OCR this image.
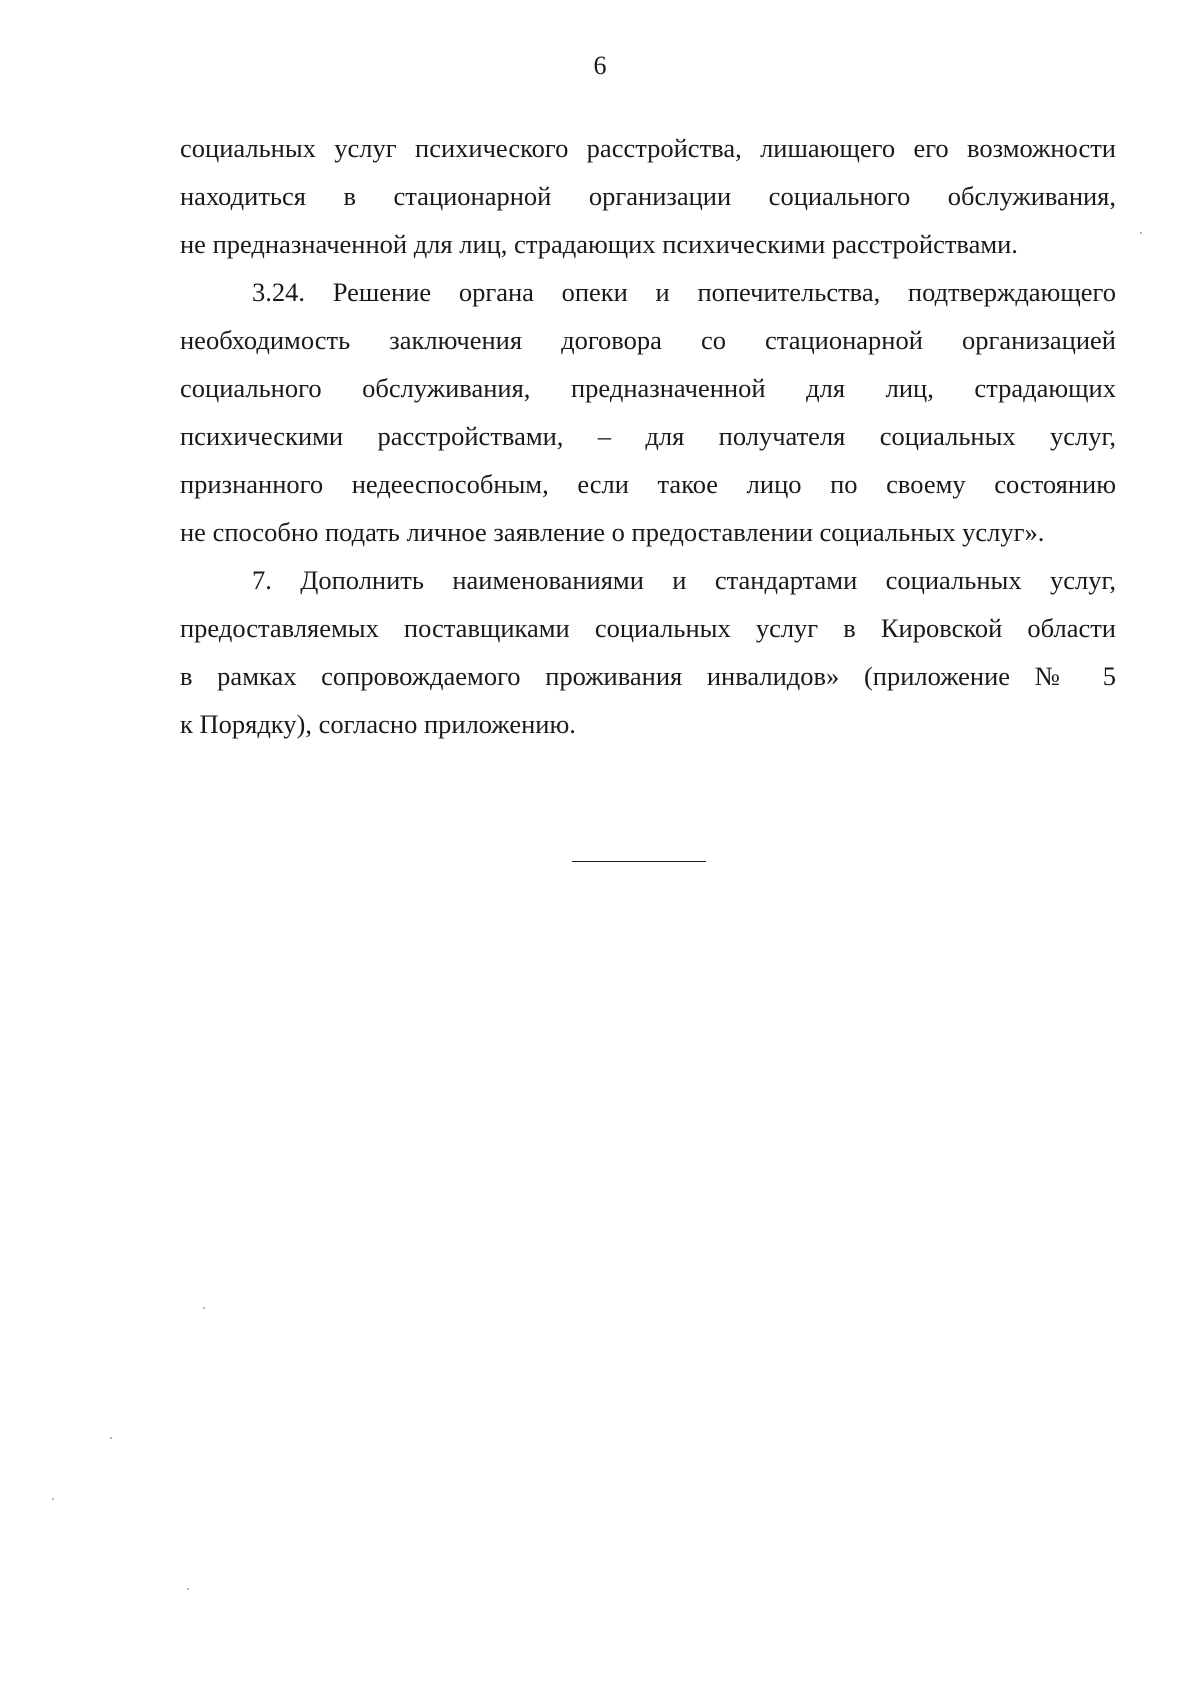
6
социальных услуг психического расстройства, лишающего его возможности
находиться в стационарной организации социального обслуживания,
не предназначенной для лиц, страдающих психическими расстройствами.
3.24. Решение органа опеки и попечительства, подтверждающего
необходимость заключения договора со стационарной организацией
социального обслуживания, предназначенной для лиц, страдающих
психическими расстройствами, – для получателя социальных услуг,
признанного недееспособным, если такое лицо по своему состоянию
не способно подать личное заявление о предоставлении социальных услуг».
7. Дополнить наименованиями и стандартами социальных услуг,
предоставляемых поставщиками социальных услуг в Кировской области
в рамках сопровождаемого проживания инвалидов» (приложение № 5
к Порядку), согласно приложению.
